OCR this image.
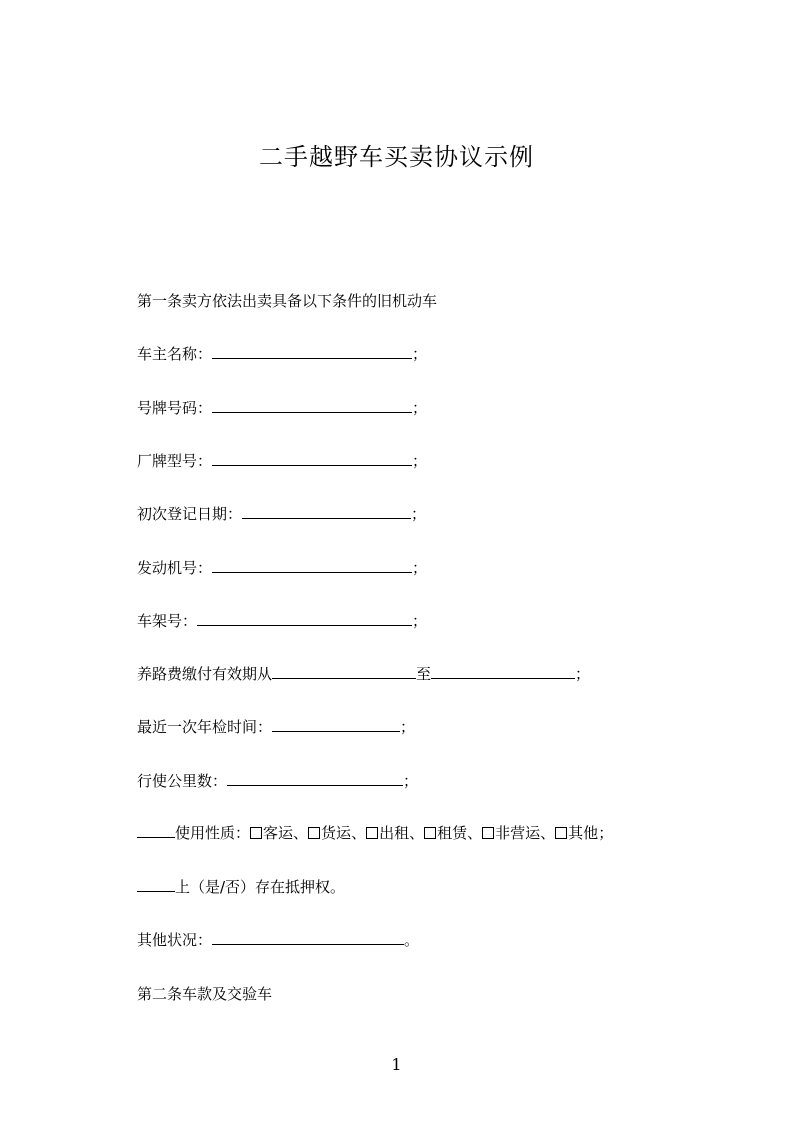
二手越野车买卖协议示例
第一条卖方依法出卖具备以下条件的旧机动车
车主名称：	；
号牌号码：	；
厂牌型号：	；
初次登记日期：	；
发动机号：	；
车架号：	；
养路费缴付有效期从	至	；
最近一次年检时间：	；
行使公里数：	；
使用性质： 客运、 货运、 出租、 租赁、 非营运、 其他；
上（是/否）存在抵押权。
其他状况：	。
第二条车款及交验车
1
